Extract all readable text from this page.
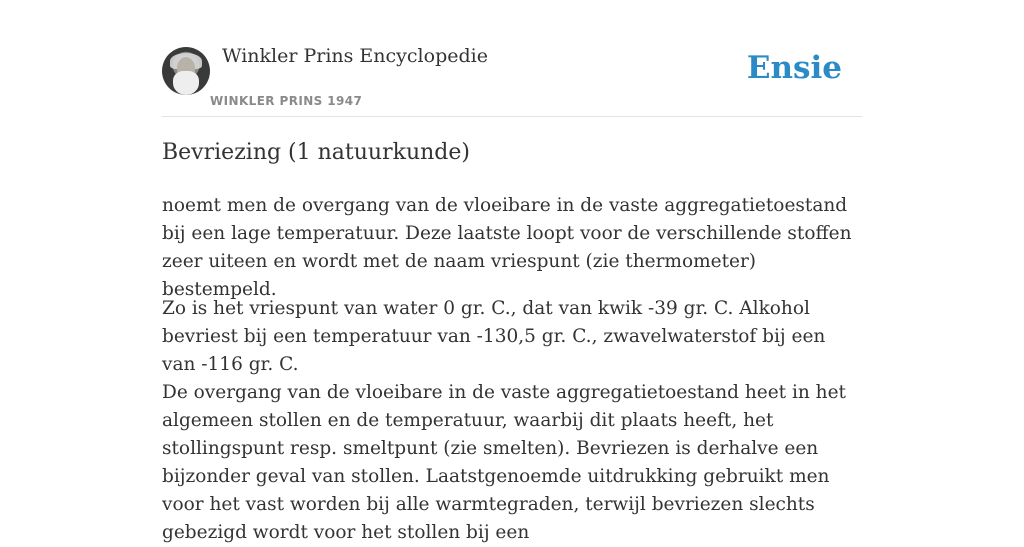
Winkler Prins Encyclopedie
WINKLER PRINS 1947
Ensie
Bevriezing (1 natuurkunde)
noemt men de overgang van de vloeibare in de vaste aggregatietoestand bij een lage temperatuur. Deze laatste loopt voor de verschillende stoffen zeer uiteen en wordt met de naam vriespunt (zie thermometer) bestempeld.
Zo is het vriespunt van water 0 gr. C., dat van kwik -39 gr. C. Alkohol bevriest bij een temperatuur van -130,5 gr. C., zwavelwaterstof bij een van -116 gr. C.
De overgang van de vloeibare in de vaste aggregatietoestand heet in het algemeen stollen en de temperatuur, waarbij dit plaats heeft, het stollingspunt resp. smeltpunt (zie smelten). Bevriezen is derhalve een bijzonder geval van stollen. Laatstgenoemde uitdrukking gebruikt men voor het vast worden bij alle warmtegraden, terwijl bevriezen slechts gebezigd wordt voor het stollen bij een
